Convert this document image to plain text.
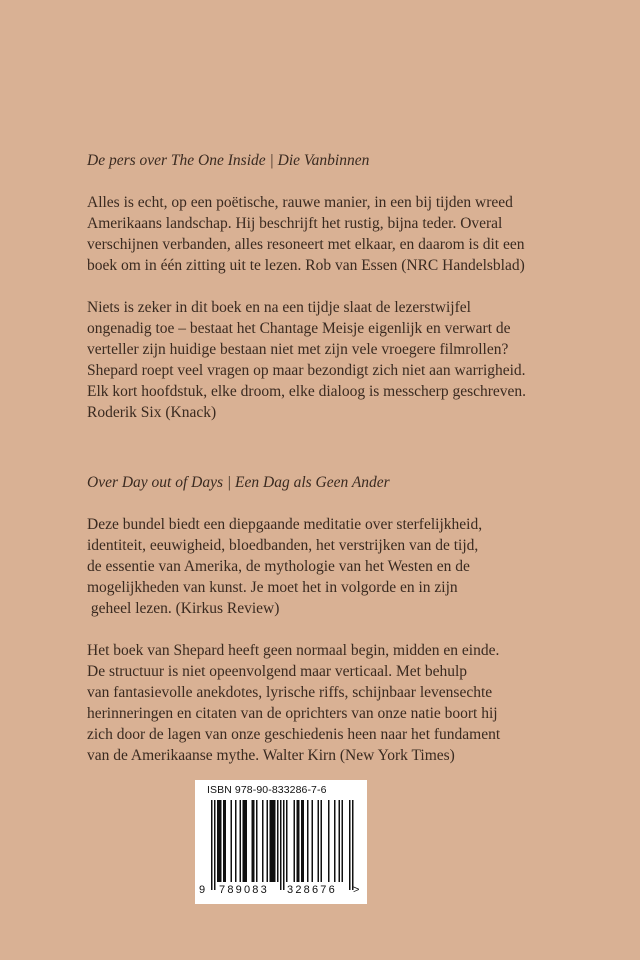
De pers over The One Inside | Die Vanbinnen

Alles is echt, op een poëtische, rauwe manier, in een bij tijden wreed
Amerikaans landschap. Hij beschrijft het rustig, bijna teder. Overal
verschijnen verbanden, alles resoneert met elkaar, en daarom is dit een
boek om in één zitting uit te lezen. Rob van Essen (NRC Handelsblad)

Niets is zeker in dit boek en na een tijdje slaat de lezerstwijfel
ongenadig toe – bestaat het Chantage Meisje eigenlijk en verwart de
verteller zijn huidige bestaan niet met zijn vele vroegere filmrollen?
Shepard roept veel vragen op maar bezondigt zich niet aan warrigheid.
Elk kort hoofdstuk, elke droom, elke dialoog is messcherp geschreven.
Roderik Six (Knack)

Over Day out of Days | Een Dag als Geen Ander

Deze bundel biedt een diepgaande meditatie over sterfelijkheid,
identiteit, eeuwigheid, bloedbanden, het verstrijken van de tijd,
de essentie van Amerika, de mythologie van het Westen en de
mogelijkheden van kunst. Je moet het in volgorde en in zijn
geheel lezen. (Kirkus Review)

Het boek van Shepard heeft geen normaal begin, midden en einde.
De structuur is niet opeenvolgend maar verticaal. Met behulp
van fantasievolle anekdotes, lyrische riffs, schijnbaar levensechte
herinneringen en citaten van de oprichters van onze natie boort hij
zich door de lagen van onze geschiedenis heen naar het fundament
van de Amerikaanse mythe. Walter Kirn (New York Times)

ISBN 978-90-833286-7-6
9 789083 328676 >
